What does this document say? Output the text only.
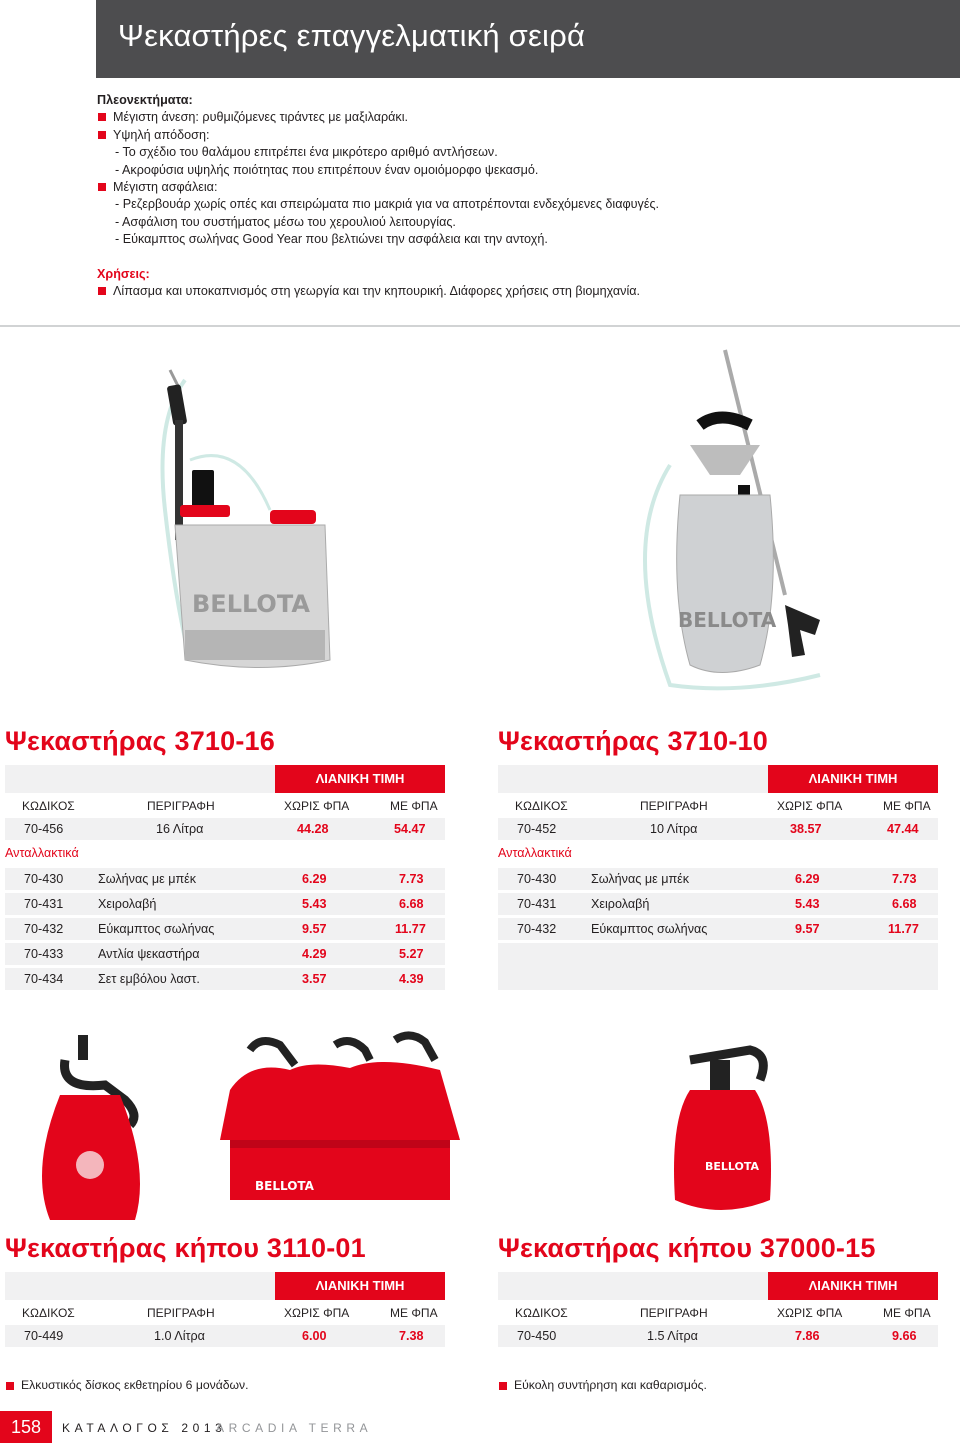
Ψεκαστήρες επαγγελματική σειρά
Πλεονεκτήματα:
Μέγιστη άνεση: ρυθμιζόμενες τιράντες με μαξιλαράκι.
Υψηλή απόδοση:
- Το σχέδιο του θαλάμου επιτρέπει ένα μικρότερο αριθμό αντλήσεων.
- Ακροφύσια υψηλής ποιότητας που επιτρέπουν έναν ομοιόμορφο ψεκασμό.
Μέγιστη ασφάλεια:
- Ρεζερβουάρ χωρίς οπές και σπειρώματα πιο μακριά για να αποτρέπονται ενδεχόμενες διαφυγές.
- Ασφάλιση του συστήματος μέσω του χερουλιού λειτουργίας.
- Εύκαμπτος σωλήνας Good Year που βελτιώνει την ασφάλεια και την αντοχή.
Χρήσεις:
Λίπασμα και υποκαπνισμός στη γεωργία και την κηπουρική. Διάφορες χρήσεις στη βιομηχανία.
BELLOTA
BELLOTA
Ψεκαστήρας 3710-16
ΛΙΑΝΙΚΗ ΤΙΜΗ
ΚΩΔΙΚΟΣ	ΠΕΡΙΓΡΑΦΗ	ΧΩΡΙΣ ΦΠΑ	ΜΕ ΦΠΑ
70-456	16 Λίτρα	44.28	54.47
Ανταλλακτικά
70-430	Σωλήνας με μπέκ	6.29	7.73
70-431	Χειρολαβή	5.43	6.68
70-432	Εύκαμπτος σωλήνας	9.57	11.77
70-433	Αντλία ψεκαστήρα	4.29	5.27
70-434	Σετ εμβόλου λαστ.	3.57	4.39
Ψεκαστήρας 3710-10
ΛΙΑΝΙΚΗ ΤΙΜΗ
ΚΩΔΙΚΟΣ	ΠΕΡΙΓΡΑΦΗ	ΧΩΡΙΣ ΦΠΑ	ΜΕ ΦΠΑ
70-452	10 Λίτρα	38.57	47.44
Ανταλλακτικά
70-430	Σωλήνας με μπέκ	6.29	7.73
70-431	Χειρολαβή	5.43	6.68
70-432	Εύκαμπτος σωλήνας	9.57	11.77
BELLOTA
BELLOTA
Ψεκαστήρας κήπου 3110-01
ΛΙΑΝΙΚΗ ΤΙΜΗ
ΚΩΔΙΚΟΣ	ΠΕΡΙΓΡΑΦΗ	ΧΩΡΙΣ ΦΠΑ	ΜΕ ΦΠΑ
70-449	1.0 Λίτρα	6.00	7.38
Ελκυστικός δίσκος εκθετηρίου 6 μονάδων.
Ψεκαστήρας κήπου 37000-15
ΛΙΑΝΙΚΗ ΤΙΜΗ
ΚΩΔΙΚΟΣ	ΠΕΡΙΓΡΑΦΗ	ΧΩΡΙΣ ΦΠΑ	ΜΕ ΦΠΑ
70-450	1.5 Λίτρα	7.86	9.66
Εύκολη συντήρηση και καθαρισμός.
158	ΚΑΤΑΛΟΓΟΣ 2013
ARCADIA TERRA
